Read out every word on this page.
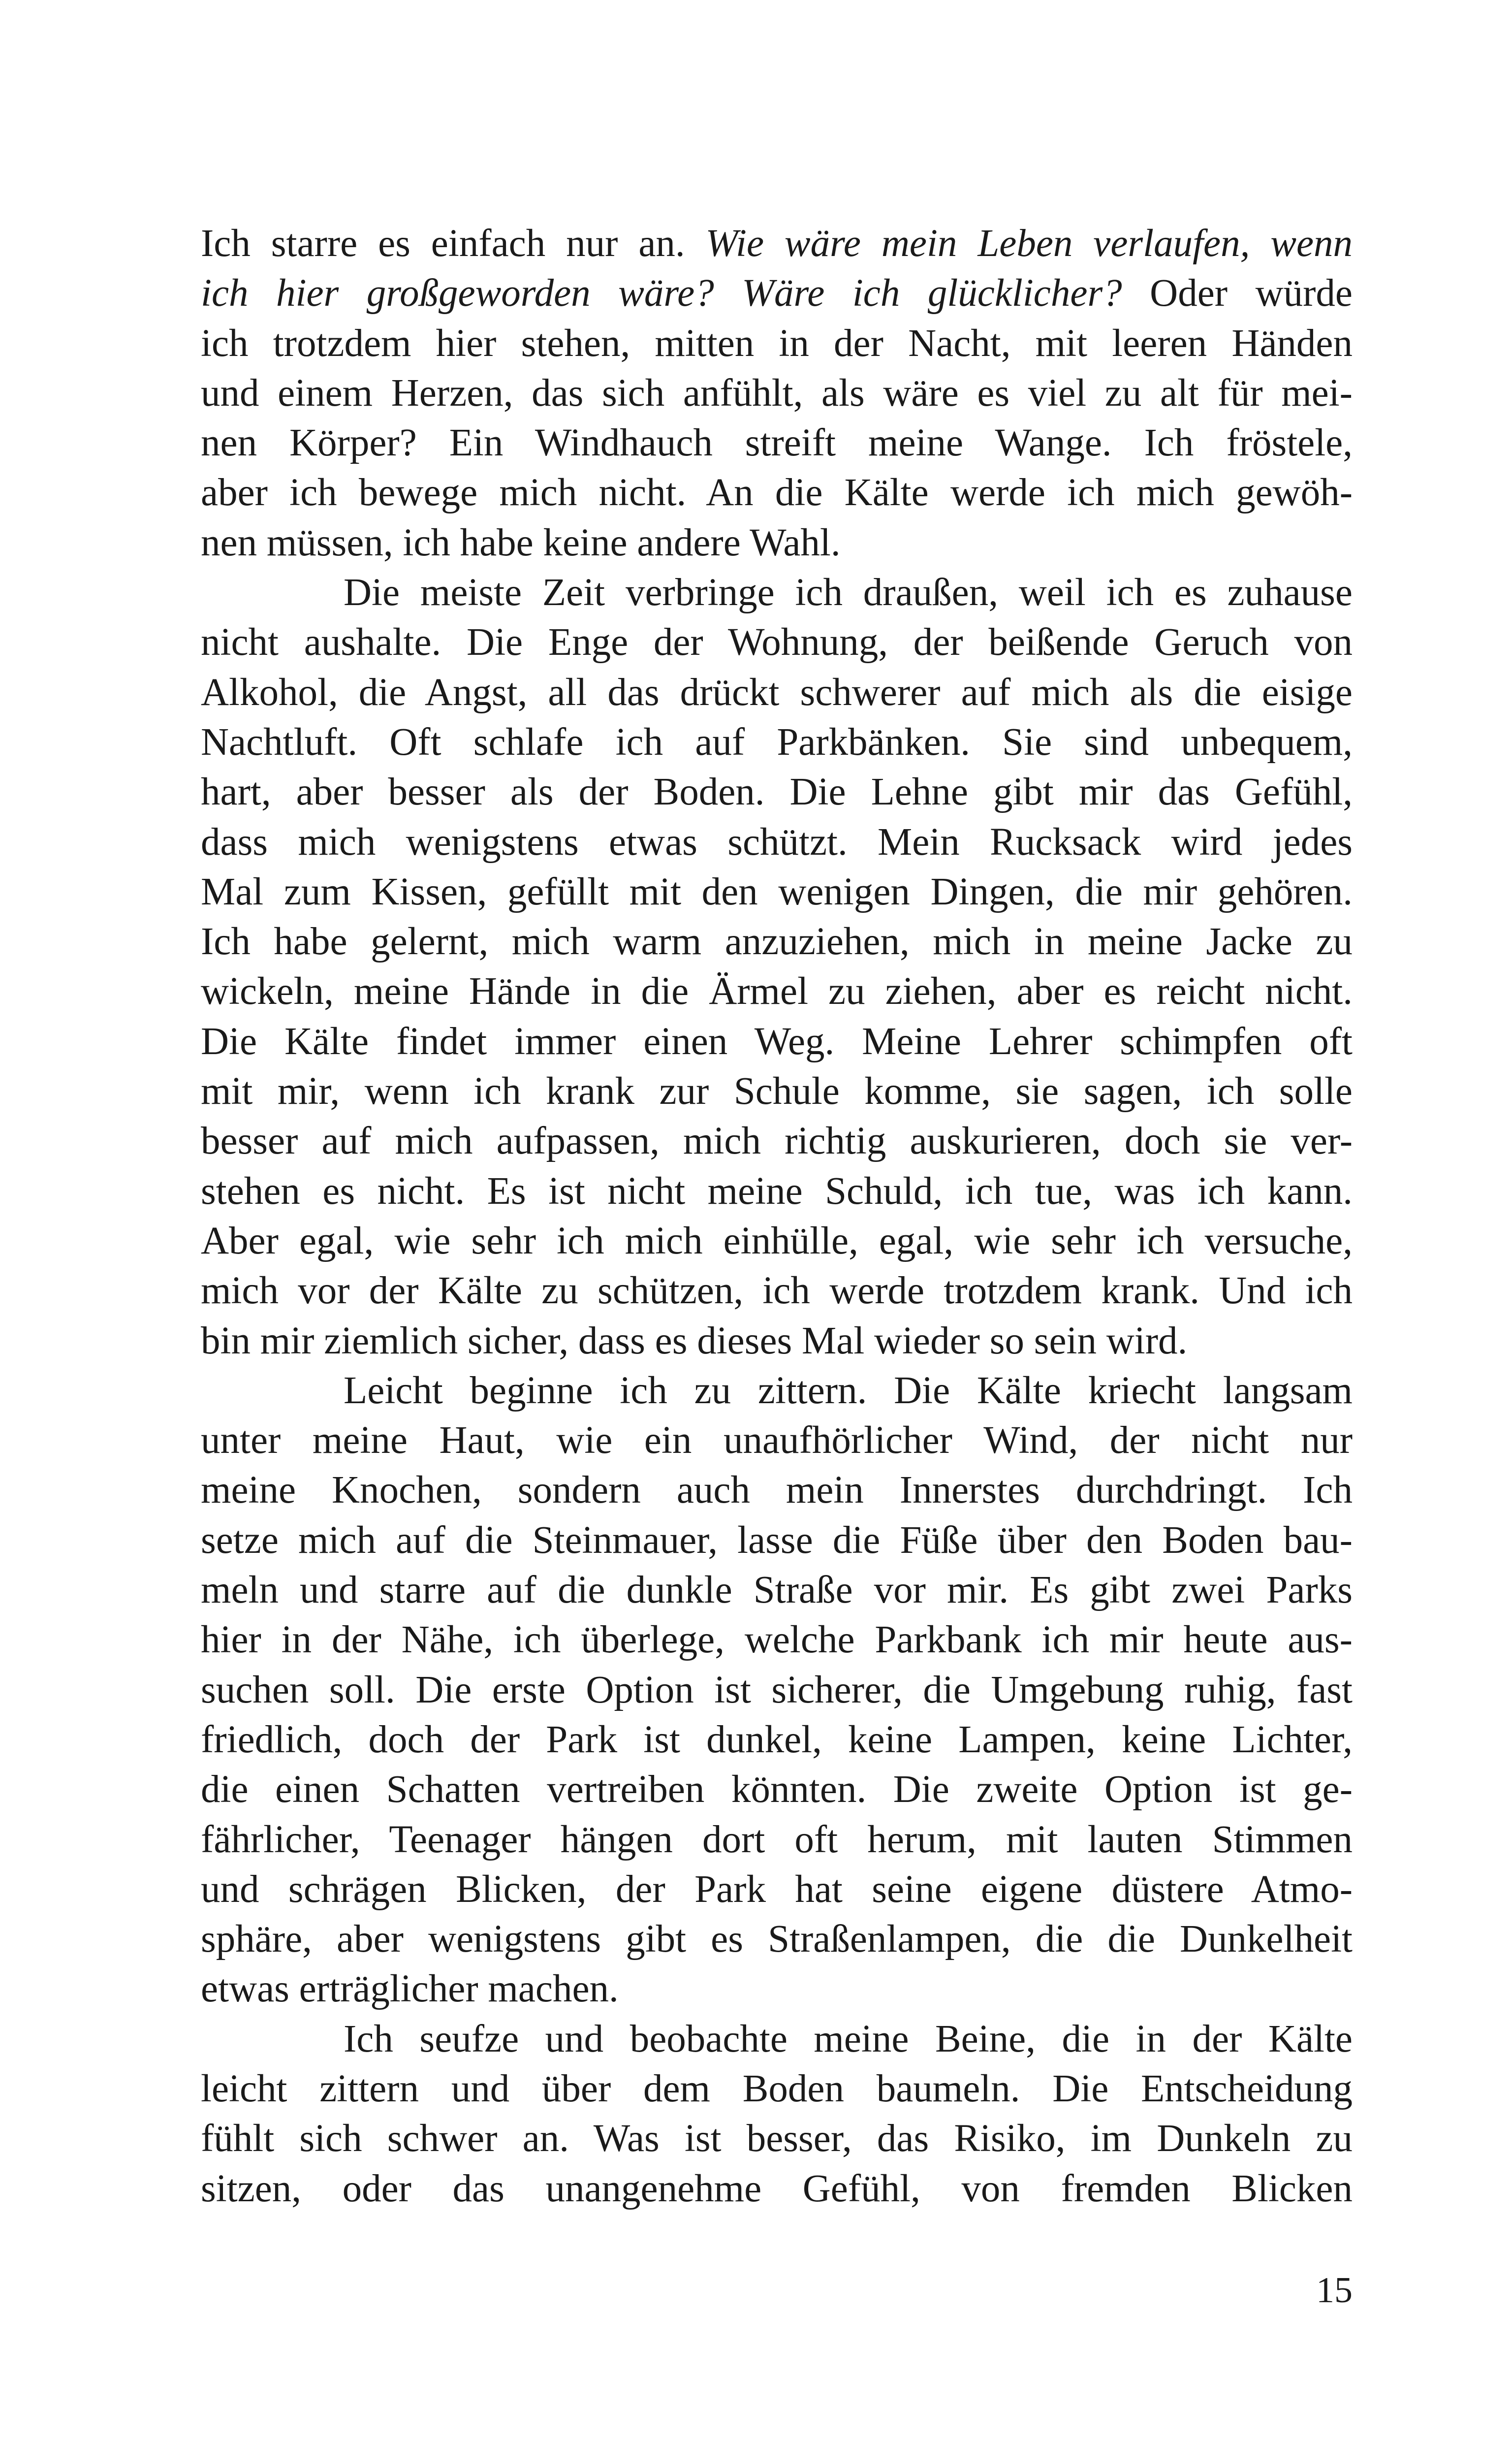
Ich starre es einfach nur an. Wie wäre mein Leben verlaufen, wenn
ich hier großgeworden wäre? Wäre ich glücklicher? Oder würde
ich trotzdem hier stehen, mitten in der Nacht, mit leeren Händen
und einem Herzen, das sich anfühlt, als wäre es viel zu alt für mei-
nen Körper? Ein Windhauch streift meine Wange. Ich fröstele,
aber ich bewege mich nicht. An die Kälte werde ich mich gewöh-
nen müssen, ich habe keine andere Wahl.

Die meiste Zeit verbringe ich draußen, weil ich es zuhause
nicht aushalte. Die Enge der Wohnung, der beißende Geruch von
Alkohol, die Angst, all das drückt schwerer auf mich als die eisige
Nachtluft. Oft schlafe ich auf Parkbänken. Sie sind unbequem,
hart, aber besser als der Boden. Die Lehne gibt mir das Gefühl,
dass mich wenigstens etwas schützt. Mein Rucksack wird jedes
Mal zum Kissen, gefüllt mit den wenigen Dingen, die mir gehören.
Ich habe gelernt, mich warm anzuziehen, mich in meine Jacke zu
wickeln, meine Hände in die Ärmel zu ziehen, aber es reicht nicht.
Die Kälte findet immer einen Weg. Meine Lehrer schimpfen oft
mit mir, wenn ich krank zur Schule komme, sie sagen, ich solle
besser auf mich aufpassen, mich richtig auskurieren, doch sie ver-
stehen es nicht. Es ist nicht meine Schuld, ich tue, was ich kann.
Aber egal, wie sehr ich mich einhülle, egal, wie sehr ich versuche,
mich vor der Kälte zu schützen, ich werde trotzdem krank. Und ich
bin mir ziemlich sicher, dass es dieses Mal wieder so sein wird.

Leicht beginne ich zu zittern. Die Kälte kriecht langsam
unter meine Haut, wie ein unaufhörlicher Wind, der nicht nur
meine Knochen, sondern auch mein Innerstes durchdringt. Ich
setze mich auf die Steinmauer, lasse die Füße über den Boden bau-
meln und starre auf die dunkle Straße vor mir. Es gibt zwei Parks
hier in der Nähe, ich überlege, welche Parkbank ich mir heute aus-
suchen soll. Die erste Option ist sicherer, die Umgebung ruhig, fast
friedlich, doch der Park ist dunkel, keine Lampen, keine Lichter,
die einen Schatten vertreiben könnten. Die zweite Option ist ge-
fährlicher, Teenager hängen dort oft herum, mit lauten Stimmen
und schrägen Blicken, der Park hat seine eigene düstere Atmo-
sphäre, aber wenigstens gibt es Straßenlampen, die die Dunkelheit
etwas erträglicher machen.

Ich seufze und beobachte meine Beine, die in der Kälte
leicht zittern und über dem Boden baumeln. Die Entscheidung
fühlt sich schwer an. Was ist besser, das Risiko, im Dunkeln zu
sitzen, oder das unangenehme Gefühl, von fremden Blicken

15
